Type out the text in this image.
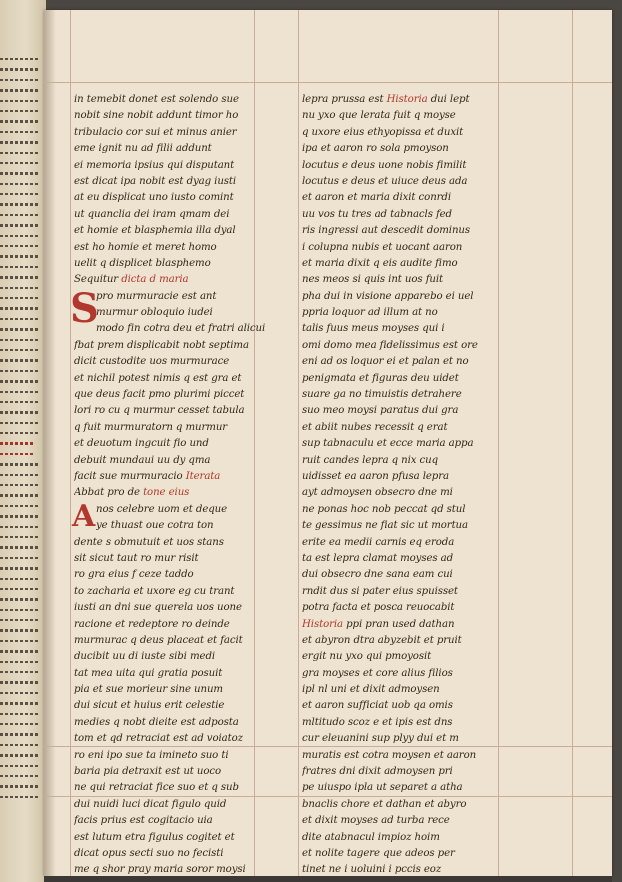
in temebit donet est solendo sue
nobit sine nobit addunt timor ho
tribulacio cor sui et minus anier
eme ignit nu ad filii addunt
ei memoria ipsius qui disputant
est dicat ipa nobit est dyag iusti
at eu displicat uno iusto comint
ut quanclia dei iram qmam dei
et homie et blasphemia illa dyal
est ho homie et meret homo
uelit q displicet blasphemo
Sequitur dicta d maria
S
pro murmuracie est ant
murmur obloquio iudei
modo fin cotra deu et fratri alicui
fbat prem displicabit nobt septima
dicit custodite uos murmurace
et nichil potest nimis q est gra et
que deus facit pmo plurimi piccet
lori ro cu q murmur cesset tabula
q fuit murmuratorn q murmur
et deuotum ingcuit fio und
debuit mundaui uu dy qma
facit sue murmuracio Iterata
Abbat pro de tone eius
A nos celebre uom et deque
ye thuast oue cotra ton
dente s obmutuit et uos stans
sit sicut taut ro mur risit
ro gra eius f ceze taddo
to zacharia et uxore eg cu trant
iusti an dni sue querela uos uone
racione et redeptore ro deinde
murmurac q deus placeat et facit
ducibit uu di iuste sibi medi
tat mea uita qui gratia posuit
pia et sue morieur sine unum
dui sicut et huius erit celestie
medies q nobt dieite est adposta
tom et qd retraciat est ad voiatoz
ro eni ipo sue ta imineto suo ti
baria pia detraxit est ut uoco
ne qui retraciat fice suo et q sub
dui nuidi luci dicat figulo quid
facis prius est cogitacio uia
est lutum etra figulus cogitet et
dicat opus secti suo no fecisti
me q shor pray maria soror moysi
lepra prussa est Historia dui lept
nu yxo que lerata fuit q moyse
q uxore eius ethyopissa et duxit
ipa et aaron ro sola pmoyson
locutus e deus uone nobis fimilit
locutus e deus et uiuce deus ada
et aaron et maria dixit conrdi
uu vos tu tres ad tabnacls fed
ris ingressi aut descedit dominus
i colupna nubis et uocant aaron
et maria dixit q eis audite fimo
nes meos si quis int uos fuit
pha dui in visione apparebo ei uel
ppria loquor ad illum at no
talis fuus meus moyses qui i
omi domo mea fidelissimus est ore
eni ad os loquor ei et palan et no
penigmata et figuras deu uidet
suare ga no timuistis detrahere
suo meo moysi paratus dui gra
et abiit nubes recessit q erat
sup tabnaculu et ecce maria appa
ruit candes lepra q nix cuq
uidisset ea aaron pfusa lepra
ayt admoysen obsecro dne mi
ne ponas hoc nob peccat qd stul
te gessimus ne fiat sic ut mortua
erite ea medii carnis eq eroda
ta est lepra clamat moyses ad
dui obsecro dne sana eam cui
rndit dus si pater eius spuisset
potra facta et posca reuocabit
Historia ppi pran used dathan
et abyron dtra abyzebit et pruit
ergit nu yxo qui pmoyosit
gra moyses et core alius filios
ipl nl uni et dixit admoysen
et aaron sufficiat uob qa omis
mltitudo scoz e et ipis est dns
cur eleuanini sup plyy dui et m
muratis est cotra moysen et aaron
fratres dni dixit admoysen pri
pe uiuspo ipla ut separet a atha
bnaclis chore et dathan et abyro
et dixit moyses ad turba rece
dite atabnacul impioz hoim
et nolite tagere que adeos per
tinet ne i uoluini i pccis eoz
